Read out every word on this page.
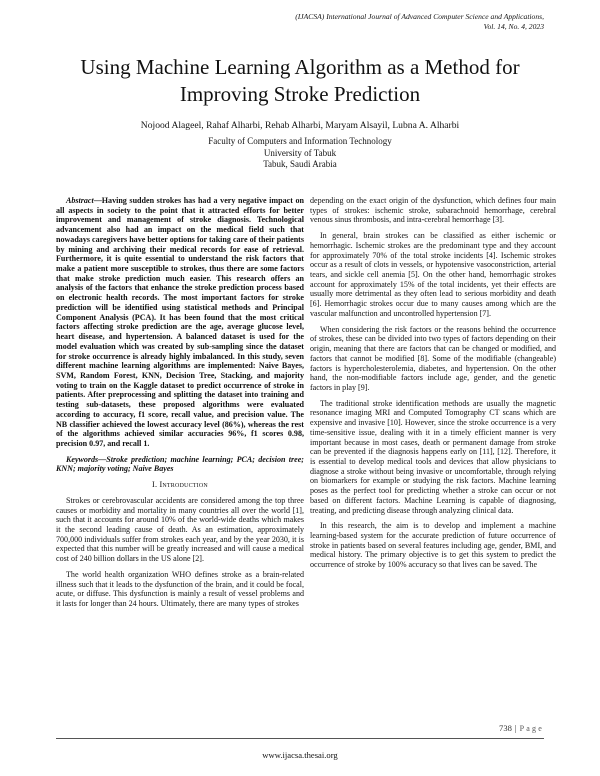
(IJACSA) International Journal of Advanced Computer Science and Applications,
Vol. 14, No. 4, 2023
Using Machine Learning Algorithm as a Method for
Improving Stroke Prediction
Nojood Alageel, Rahaf Alharbi, Rehab Alharbi, Maryam Alsayil, Lubna A. Alharbi
Faculty of Computers and Information Technology
University of Tabuk
Tabuk, Saudi Arabia

Abstract—Having sudden strokes has had a very negative impact on all aspects in society to the point that it attracted efforts for better improvement and management of stroke diagnosis. Technological advancement also had an impact on the medical field such that nowadays caregivers have better options for taking care of their patients by mining and archiving their medical records for ease of retrieval. Furthermore, it is quite essential to understand the risk factors that make a patient more susceptible to strokes, thus there are some factors that make stroke prediction much easier. This research offers an analysis of the factors that enhance the stroke prediction process based on electronic health records. The most important factors for stroke prediction will be identified using statistical methods and Principal Component Analysis (PCA). It has been found that the most critical factors affecting stroke prediction are the age, average glucose level, heart disease, and hypertension. A balanced dataset is used for the model evaluation which was created by sub-sampling since the dataset for stroke occurrence is already highly imbalanced. In this study, seven different machine learning algorithms are implemented: Naive Bayes, SVM, Random Forest, KNN, Decision Tree, Stacking, and majority voting to train on the Kaggle dataset to predict occurrence of stroke in patients. After preprocessing and splitting the dataset into training and testing sub-datasets, these proposed algorithms were evaluated according to accuracy, f1 score, recall value, and precision value. The NB classifier achieved the lowest accuracy level (86%), whereas the rest of the algorithms achieved similar accuracies 96%, f1 scores 0.98, precision 0.97, and recall 1.

Keywords—Stroke prediction; machine learning; PCA; decision tree; KNN; majority voting; Naive Bayes

I. Introduction

Strokes or cerebrovascular accidents are considered among the top three causes or morbidity and mortality in many countries all over the world [1], such that it accounts for around 10% of the world-wide deaths which makes it the second leading cause of death. As an estimation, approximately 700,000 individuals suffer from strokes each year, and by the year 2030, it is expected that this number will be greatly increased and will cause a medical cost of 240 billion dollars in the US alone [2].

The world health organization WHO defines stroke as a brain-related illness such that it leads to the dysfunction of the brain, and it could be focal, acute, or diffuse. This dysfunction is mainly a result of vessel problems and it lasts for longer than 24 hours. Ultimately, there are many types of strokes

depending on the exact origin of the dysfunction, which defines four main types of strokes: ischemic stroke, subarachnoid hemorrhage, cerebral venous sinus thrombosis, and intra-cerebral hemorrhage [3].

In general, brain strokes can be classified as either ischemic or hemorrhagic. Ischemic strokes are the predominant type and they account for approximately 70% of the total stroke incidents [4]. Ischemic strokes occur as a result of clots in vessels, or hypotensive vasoconstriction, arterial tears, and sickle cell anemia [5]. On the other hand, hemorrhagic strokes account for approximately 15% of the total incidents, yet their effects are usually more detrimental as they often lead to serious morbidity and death [6]. Hemorrhagic strokes occur due to many causes among which are the vascular malfunction and uncontrolled hypertension [7].

When considering the risk factors or the reasons behind the occurrence of strokes, these can be divided into two types of factors depending on their origin, meaning that there are factors that can be changed or modified, and factors that cannot be modified [8]. Some of the modifiable (changeable) factors is hypercholesterolemia, diabetes, and hypertension. On the other hand, the non-modifiable factors include age, gender, and the genetic factors in play [9].

The traditional stroke identification methods are usually the magnetic resonance imaging MRI and Computed Tomography CT scans which are expensive and invasive [10]. However, since the stroke occurrence is a very time-sensitive issue, dealing with it in a timely efficient manner is very important because in most cases, death or permanent damage from stroke can be prevented if the diagnosis happens early on [11], [12]. Therefore, it is essential to develop medical tools and devices that allow physicians to diagnose a stroke without being invasive or uncomfortable, through relying on biomarkers for example or studying the risk factors. Machine learning poses as the perfect tool for predicting whether a stroke can occur or not based on different factors. Machine Learning is capable of diagnosing, treating, and predicting disease through analyzing clinical data.

In this research, the aim is to develop and implement a machine learning-based system for the accurate prediction of future occurrence of stroke in patients based on several features including age, gender, BMI, and medical history. The primary objective is to get this system to predict the occurrence of stroke by 100% accuracy so that lives can be saved. The

738 | Page
www.ijacsa.thesai.org
